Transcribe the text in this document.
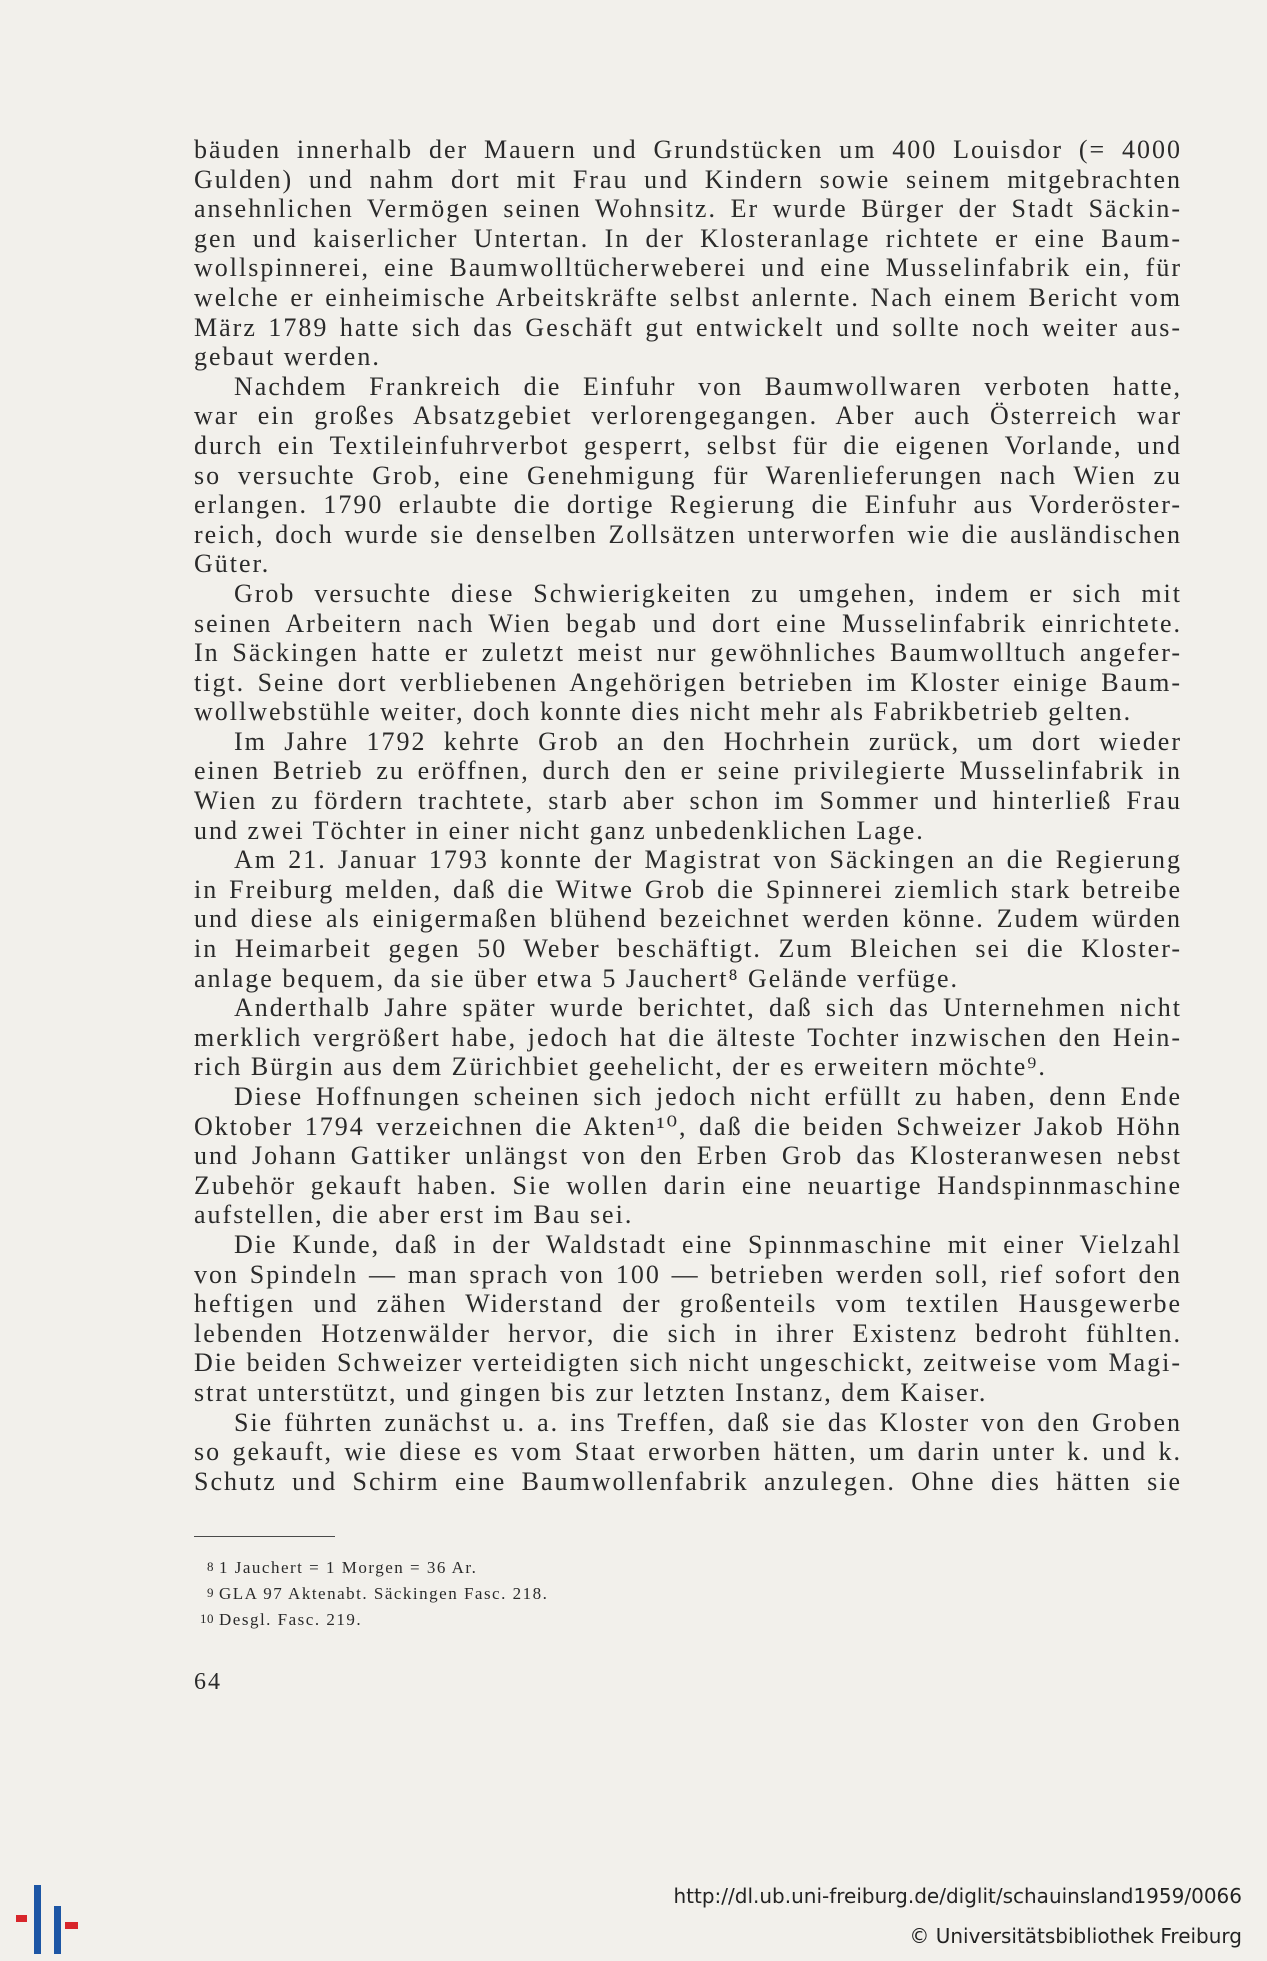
bäuden innerhalb der Mauern und Grundstücken um 400 Louisdor (= 4000
Gulden) und nahm dort mit Frau und Kindern sowie seinem mitgebrachten
ansehnlichen Vermögen seinen Wohnsitz. Er wurde Bürger der Stadt Säckin-
gen und kaiserlicher Untertan. In der Klosteranlage richtete er eine Baum-
wollspinnerei, eine Baumwolltücherweberei und eine Musselinfabrik ein, für
welche er einheimische Arbeitskräfte selbst anlernte. Nach einem Bericht vom
März 1789 hatte sich das Geschäft gut entwickelt und sollte noch weiter aus-
gebaut werden.
Nachdem Frankreich die Einfuhr von Baumwollwaren verboten hatte,
war ein großes Absatzgebiet verlorengegangen. Aber auch Österreich war
durch ein Textileinfuhrverbot gesperrt, selbst für die eigenen Vorlande, und
so versuchte Grob, eine Genehmigung für Warenlieferungen nach Wien zu
erlangen. 1790 erlaubte die dortige Regierung die Einfuhr aus Vorderöster-
reich, doch wurde sie denselben Zollsätzen unterworfen wie die ausländischen
Güter.
Grob versuchte diese Schwierigkeiten zu umgehen, indem er sich mit
seinen Arbeitern nach Wien begab und dort eine Musselinfabrik einrichtete.
In Säckingen hatte er zuletzt meist nur gewöhnliches Baumwolltuch angefer-
tigt. Seine dort verbliebenen Angehörigen betrieben im Kloster einige Baum-
wollwebstühle weiter, doch konnte dies nicht mehr als Fabrikbetrieb gelten.
Im Jahre 1792 kehrte Grob an den Hochrhein zurück, um dort wieder
einen Betrieb zu eröffnen, durch den er seine privilegierte Musselinfabrik in
Wien zu fördern trachtete, starb aber schon im Sommer und hinterließ Frau
und zwei Töchter in einer nicht ganz unbedenklichen Lage.
Am 21. Januar 1793 konnte der Magistrat von Säckingen an die Regierung
in Freiburg melden, daß die Witwe Grob die Spinnerei ziemlich stark betreibe
und diese als einigermaßen blühend bezeichnet werden könne. Zudem würden
in Heimarbeit gegen 50 Weber beschäftigt. Zum Bleichen sei die Kloster-
anlage bequem, da sie über etwa 5 Jauchert⁸ Gelände verfüge.
Anderthalb Jahre später wurde berichtet, daß sich das Unternehmen nicht
merklich vergrößert habe, jedoch hat die älteste Tochter inzwischen den Hein-
rich Bürgin aus dem Zürichbiet geehelicht, der es erweitern möchte⁹.
Diese Hoffnungen scheinen sich jedoch nicht erfüllt zu haben, denn Ende
Oktober 1794 verzeichnen die Akten¹⁰, daß die beiden Schweizer Jakob Höhn
und Johann Gattiker unlängst von den Erben Grob das Klosteranwesen nebst
Zubehör gekauft haben. Sie wollen darin eine neuartige Handspinnmaschine
aufstellen, die aber erst im Bau sei.
Die Kunde, daß in der Waldstadt eine Spinnmaschine mit einer Vielzahl
von Spindeln — man sprach von 100 — betrieben werden soll, rief sofort den
heftigen und zähen Widerstand der großenteils vom textilen Hausgewerbe
lebenden Hotzenwälder hervor, die sich in ihrer Existenz bedroht fühlten.
Die beiden Schweizer verteidigten sich nicht ungeschickt, zeitweise vom Magi-
strat unterstützt, und gingen bis zur letzten Instanz, dem Kaiser.
Sie führten zunächst u. a. ins Treffen, daß sie das Kloster von den Groben
so gekauft, wie diese es vom Staat erworben hätten, um darin unter k. und k.
Schutz und Schirm eine Baumwollenfabrik anzulegen. Ohne dies hätten sie
8 1 Jauchert = 1 Morgen = 36 Ar.
9 GLA 97 Aktenabt. Säckingen Fasc. 218.
10 Desgl. Fasc. 219.
64
http://dl.ub.uni-freiburg.de/diglit/schauinsland1959/0066
© Universitätsbibliothek Freiburg
